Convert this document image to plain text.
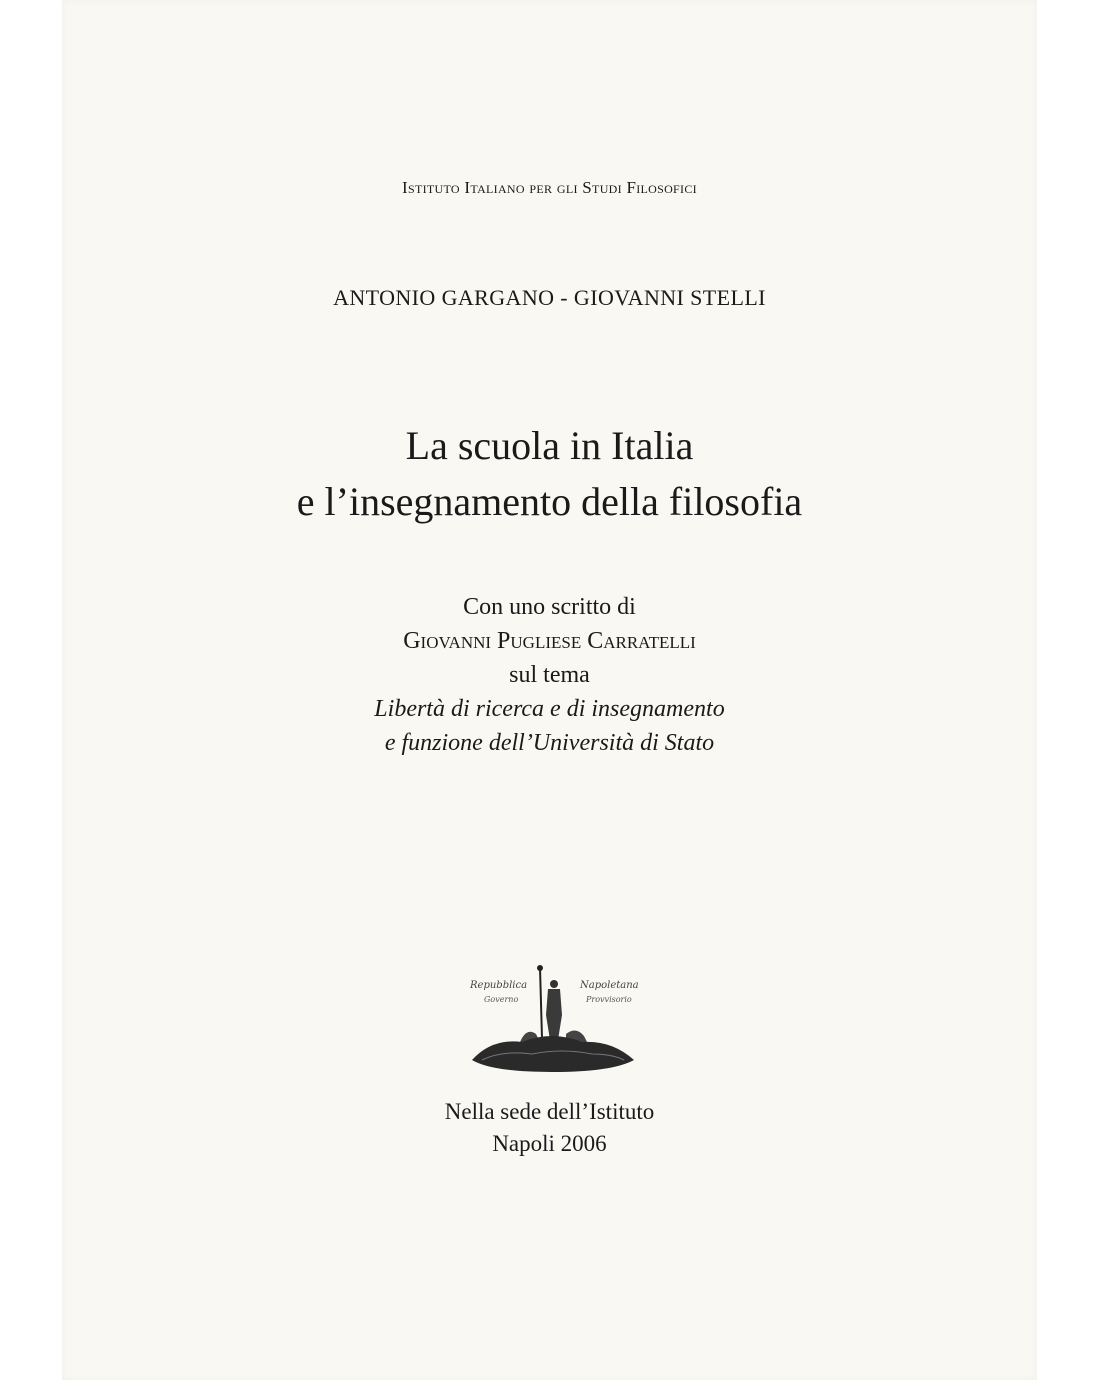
Istituto Italiano per gli Studi Filosofici
ANTONIO GARGANO - GIOVANNI STELLI
La scuola in Italia
e l’insegnamento della filosofia
Con uno scritto di
Giovanni Pugliese Carratelli
sul tema
Libertà di ricerca e di insegnamento
e funzione dell’Università di Stato
Repubblica
Governo
Napoletana
Provvisorio
Nella sede dell’Istituto
Napoli 2006
